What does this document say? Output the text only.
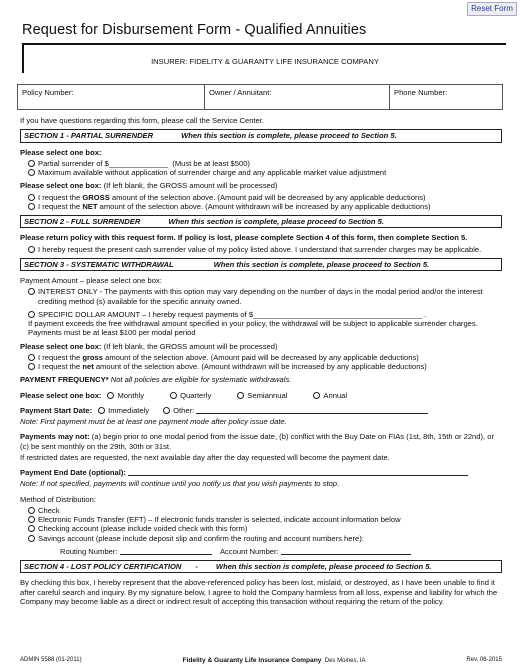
Reset Form
Request for Disbursement Form - Qualified Annuities
INSURER: FIDELITY & GUARANTY LIFE INSURANCE COMPANY
Policy Number:	Owner / Annuitant:	Phone Number:
If you have questions regarding this form, please call the Service Center.
SECTION 1 - PARTIAL SURRENDER	When this section is complete, please proceed to Section 5.
Please select one box:
Partial surrender of $______________ (Must be at least $500)
Maximum available without application of surrender charge and any applicable market value adjustment
Please select one box: (If left blank, the GROSS amount will be processed)
I request the GROSS amount of the selection above. (Amount paid will be decreased by any applicable deductions)
I request the NET amount of the selection above. (Amount withdrawn will be increased by any applicable deductions)
SECTION 2 - FULL SURRENDER	When this section is complete, please proceed to Section 5.
Please return policy with this request form. If policy is lost, please complete Section 4 of this form, then complete Section 5.
I hereby request the present cash surrender value of my policy listed above. I understand that surrender charges may be applicable.
SECTION 3 - SYSTEMATIC WITHDRAWAL	When this section is complete, please proceed to Section 5.
Payment Amount – please select one box:
INTEREST ONLY - The payments with this option may vary depending on the number of days in the modal period and/or the interest crediting method (s) available for the specific annuity owned.
SPECIFIC DOLLAR AMOUNT – I hereby request payments of $________________________________________ .
If payment exceeds the free withdrawal amount specified in your policy, the withdrawal will be subject to applicable surrender charges. Payments must be at least $100 per modal period
Please select one box: (If left blank, the GROSS amount will be processed)
I request the gross amount of the selection above. (Amount paid will be decreased by any applicable deductions)
I request the net amount of the selection above. (Amount withdrawn will be increased by any applicable deductions)
PAYMENT FREQUENCY* Not all policies are eligible for systematic withdrawals.
Please select one box: Monthly	Quarterly	Semiannual	Annual
Payment Start Date: Immediately	Other:
Note: First payment must be at least one payment mode after policy issue date.
Payments may not: (a) begin prior to one modal period from the issue date, (b) conflict with the Buy Date on FIAs (1st, 8th, 15th or 22nd), or (c) be sent monthly on the 29th, 30th or 31st.
If restricted dates are requested, the next available day after the day requested will become the payment date.
Payment End Date (optional):
Note: If not specified, payments will continue until you notify us that you wish payments to stop.
Method of Distribution:
Check
Electronic Funds Transfer (EFT) – If electronic funds transfer is selected, indicate account information below
Checking account (please include voided check with this form)
Savings account (please include deposit slip and confirm the routing and account numbers here):
Routing Number:	Account Number:
SECTION 4 - LOST POLICY CERTIFICATION - When this section is complete, please proceed to Section 5.
By checking this box, I hereby represent that the above-referenced policy has been lost, mislaid, or destroyed, as I have been unable to find it after careful search and inquiry. By my signature below, I agree to hold the Company harmless from all loss, expense and liability for which the Company may become liable as a direct or indirect result of accepting this transaction without requiring the return of the policy.
ADMIN 5588 (01-2011)	Fidelity & Guaranty Life Insurance Company Des Moines, IA	Rev. 06-2015
